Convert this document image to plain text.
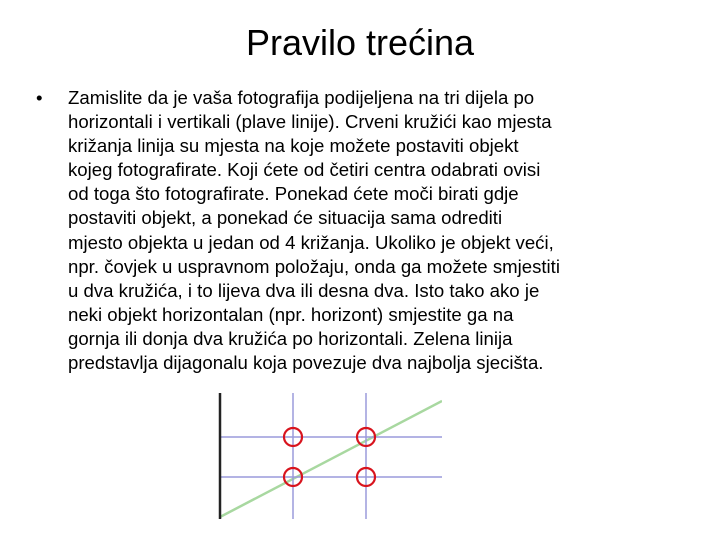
Pravilo trećina
•	Zamislite da je vaša fotografija podijeljena na tri dijela po
horizontali i vertikali (plave linije). Crveni kružići kao mjesta
križanja linija su mjesta na koje možete postaviti objekt
kojeg fotografirate. Koji ćete od četiri centra odabrati ovisi
od toga što fotografirate. Ponekad ćete moči birati gdje
postaviti objekt, a ponekad će situacija sama odrediti
mjesto objekta u jedan od 4 križanja. Ukoliko je objekt veći,
npr. čovjek u uspravnom položaju, onda ga možete smjestiti
u dva kružića, i to lijeva dva ili desna dva. Isto tako ako je
neki objekt horizontalan (npr. horizont) smjestite ga na
gornja ili donja dva kružića po horizontali. Zelena linija
predstavlja dijagonalu koja povezuje dva najbolja sjecišta.
